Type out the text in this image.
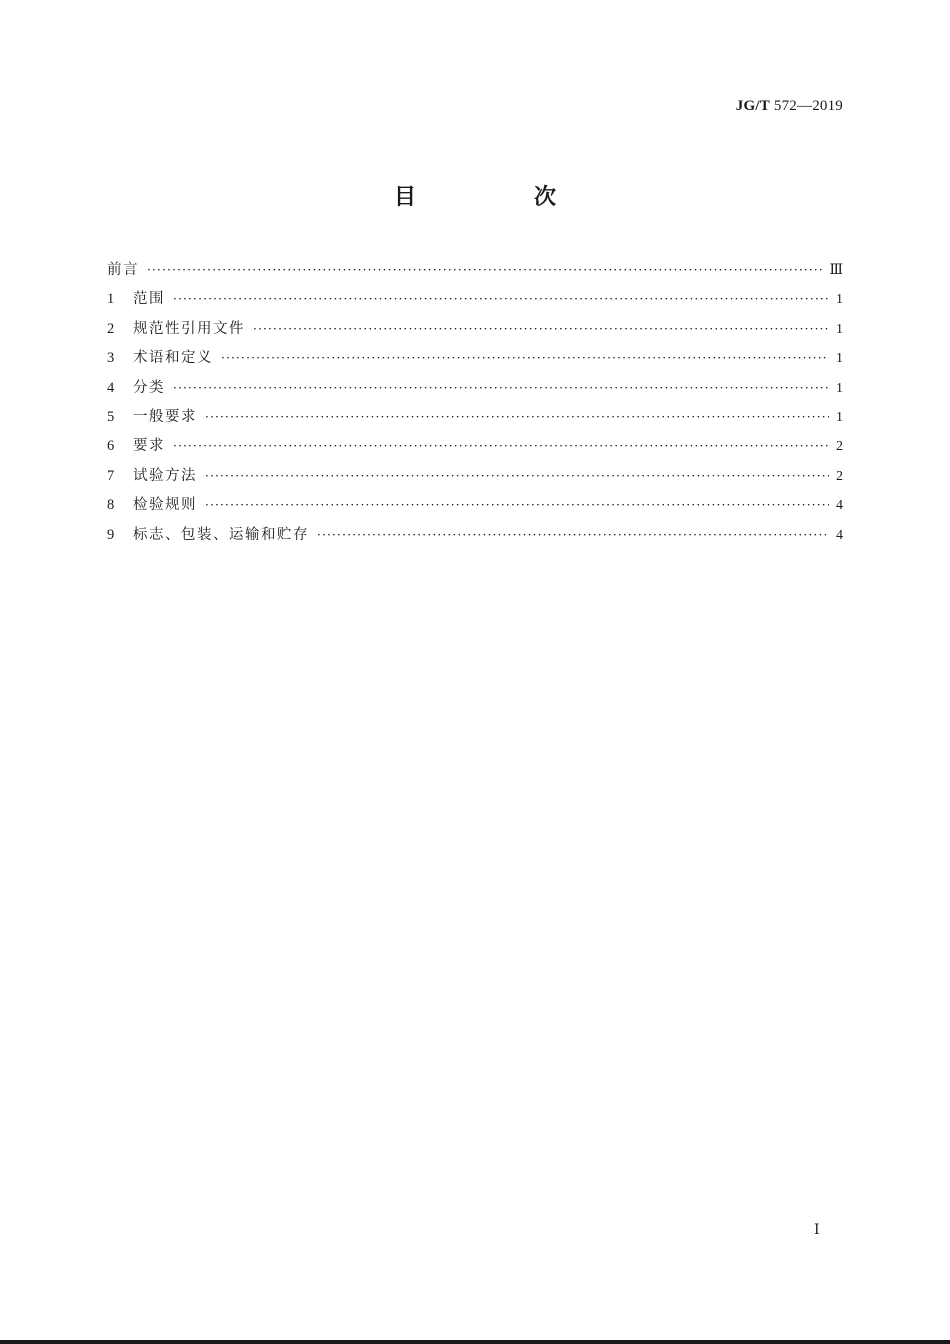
JG/T 572—2019
目　次
前言 ·····	Ⅲ
1	范围 ·····	1
2	规范性引用文件 ·····	1
3	术语和定义 ·····	1
4	分类 ·····	1
5	一般要求 ·····	1
6	要求 ·····	2
7	试验方法 ·····	2
8	检验规则 ·····	4
9	标志、包装、运输和贮存 ·····	4
Ⅰ
